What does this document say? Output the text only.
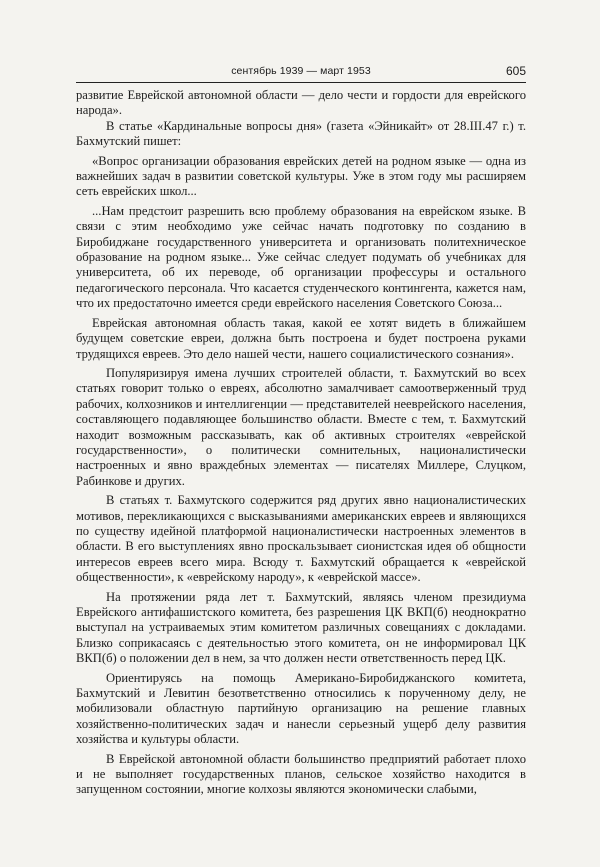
сентябрь 1939 — март 1953	605

развитие Еврейской автономной области — дело чести и гордости для еврейского народа».

В статье «Кардинальные вопросы дня» (газета «Эйникайт» от 28.III.47 г.) т. Бахмутский пишет:

«Вопрос организации образования еврейских детей на родном языке — одна из важнейших задач в развитии советской культуры. Уже в этом году мы расширяем сеть еврейских школ...

...Нам предстоит разрешить всю проблему образования на еврейском языке. В связи с этим необходимо уже сейчас начать подготовку по созданию в Биробиджане государственного университета и организовать политехническое образование на родном языке... Уже сейчас следует подумать об учебниках для университета, об их переводе, об организации профессуры и остального педагогического персонала. Что касается студенческого контингента, кажется нам, что их предостаточно имеется среди еврейского населения Советского Союза...

Еврейская автономная область такая, какой ее хотят видеть в ближайшем будущем советские евреи, должна быть построена и будет построена руками трудящихся евреев. Это дело нашей чести, нашего социалистического сознания».

Популяризируя имена лучших строителей области, т. Бахмутский во всех статьях говорит только о евреях, абсолютно замалчивает самоотверженный труд рабочих, колхозников и интеллигенции — представителей нееврейского населения, составляющего подавляющее большинство области. Вместе с тем, т. Бахмутский находит возможным рассказывать, как об активных строителях «еврейской государственности», о политически сомнительных, националистически настроенных и явно враждебных элементах — писателях Миллере, Слуцком, Рабинкове и других.

В статьях т. Бахмутского содержится ряд других явно националистических мотивов, перекликающихся с высказываниями американских евреев и являющихся по существу идейной платформой националистически настроенных элементов в области. В его выступлениях явно проскальзывает сионистская идея об общности интересов евреев всего мира. Всюду т. Бахмутский обращается к «еврейской общественности», к «еврейскому народу», к «еврейской массе».

На протяжении ряда лет т. Бахмутский, являясь членом президиума Еврейского антифашистского комитета, без разрешения ЦК ВКП(б) неоднократно выступал на устраиваемых этим комитетом различных совещаниях с докладами. Близко соприкасаясь с деятельностью этого комитета, он не информировал ЦК ВКП(б) о положении дел в нем, за что должен нести ответственность перед ЦК.

Ориентируясь на помощь Американо-Биробиджанского комитета, Бахмутский и Левитин безответственно относились к порученному делу, не мобилизовали областную партийную организацию на решение главных хозяйственно-политических задач и нанесли серьезный ущерб делу развития хозяйства и культуры области.

В Еврейской автономной области большинство предприятий работает плохо и не выполняет государственных планов, сельское хозяйство находится в запущенном состоянии, многие колхозы являются экономически слабыми,
